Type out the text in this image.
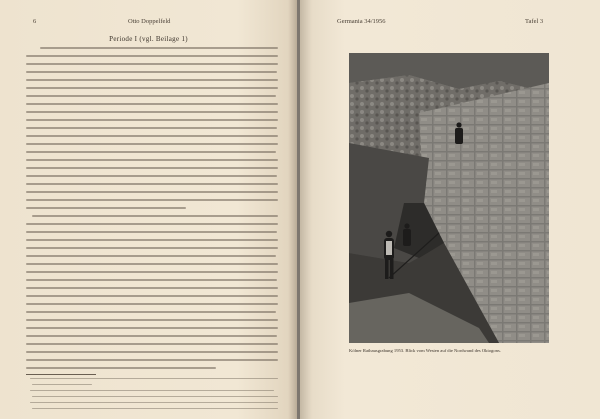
6	Otto Doppelfeld
Periode I (vgl. Beilage 1)
Germania 34/1956	Tafel 3
Kölner Rathausgrabung 1953. Blick vom Westen auf die Nordwand des Oktogons.
